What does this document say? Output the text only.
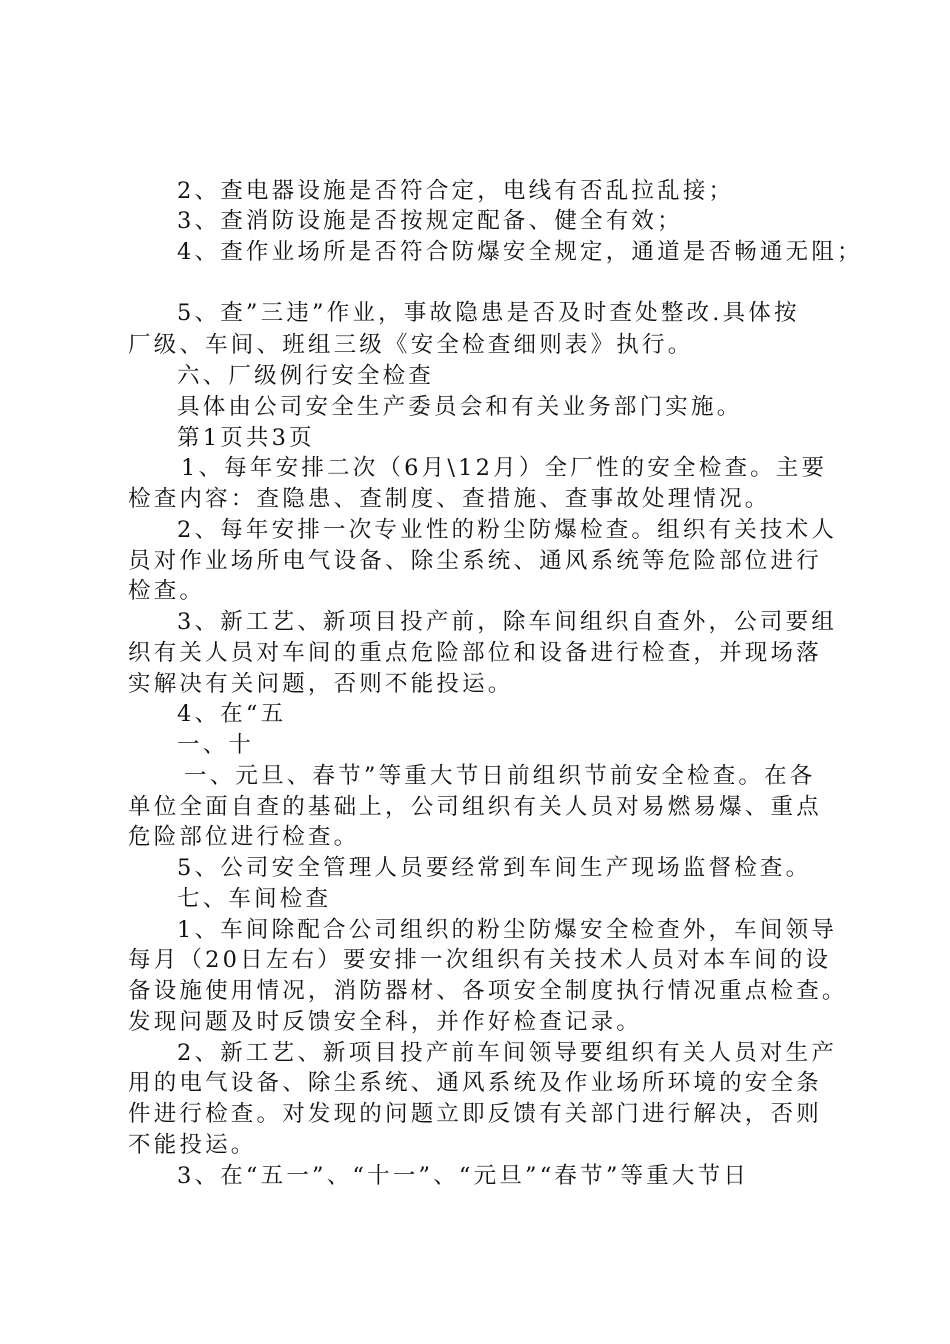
2、查电器设施是否符合定，电线有否乱拉乱接；

3、查消防设施是否按规定配备、健全有效；

4、查作业场所是否符合防爆安全规定，通道是否畅通无阻；

5、查”三违”作业，事故隐患是否及时查处整改.具体按

厂级、车间、班组三级《安全检查细则表》执行。

六、厂级例行安全检查

具体由公司安全生产委员会和有关业务部门实施。

第1页共3页

1、每年安排二次（6月\12月）全厂性的安全检查。主要

检查内容：查隐患、查制度、查措施、查事故处理情况。

2、每年安排一次专业性的粉尘防爆检查。组织有关技术人

员对作业场所电气设备、除尘系统、通风系统等危险部位进行

检查。

3、新工艺、新项目投产前，除车间组织自查外，公司要组

织有关人员对车间的重点危险部位和设备进行检查，并现场落

实解决有关问题，否则不能投运。

4、在“五

一、十

一、元旦、春节”等重大节日前组织节前安全检查。在各

单位全面自查的基础上，公司组织有关人员对易燃易爆、重点

危险部位进行检查。

5、公司安全管理人员要经常到车间生产现场监督检查。

七、车间检查

1、车间除配合公司组织的粉尘防爆安全检查外，车间领导

每月（20日左右）要安排一次组织有关技术人员对本车间的设

备设施使用情况，消防器材、各项安全制度执行情况重点检查。

发现问题及时反馈安全科，并作好检查记录。

2、新工艺、新项目投产前车间领导要组织有关人员对生产

用的电气设备、除尘系统、通风系统及作业场所环境的安全条

件进行检查。对发现的问题立即反馈有关部门进行解决，否则

不能投运。

3、在“五一”、“十一”、“元旦”“春节”等重大节日
